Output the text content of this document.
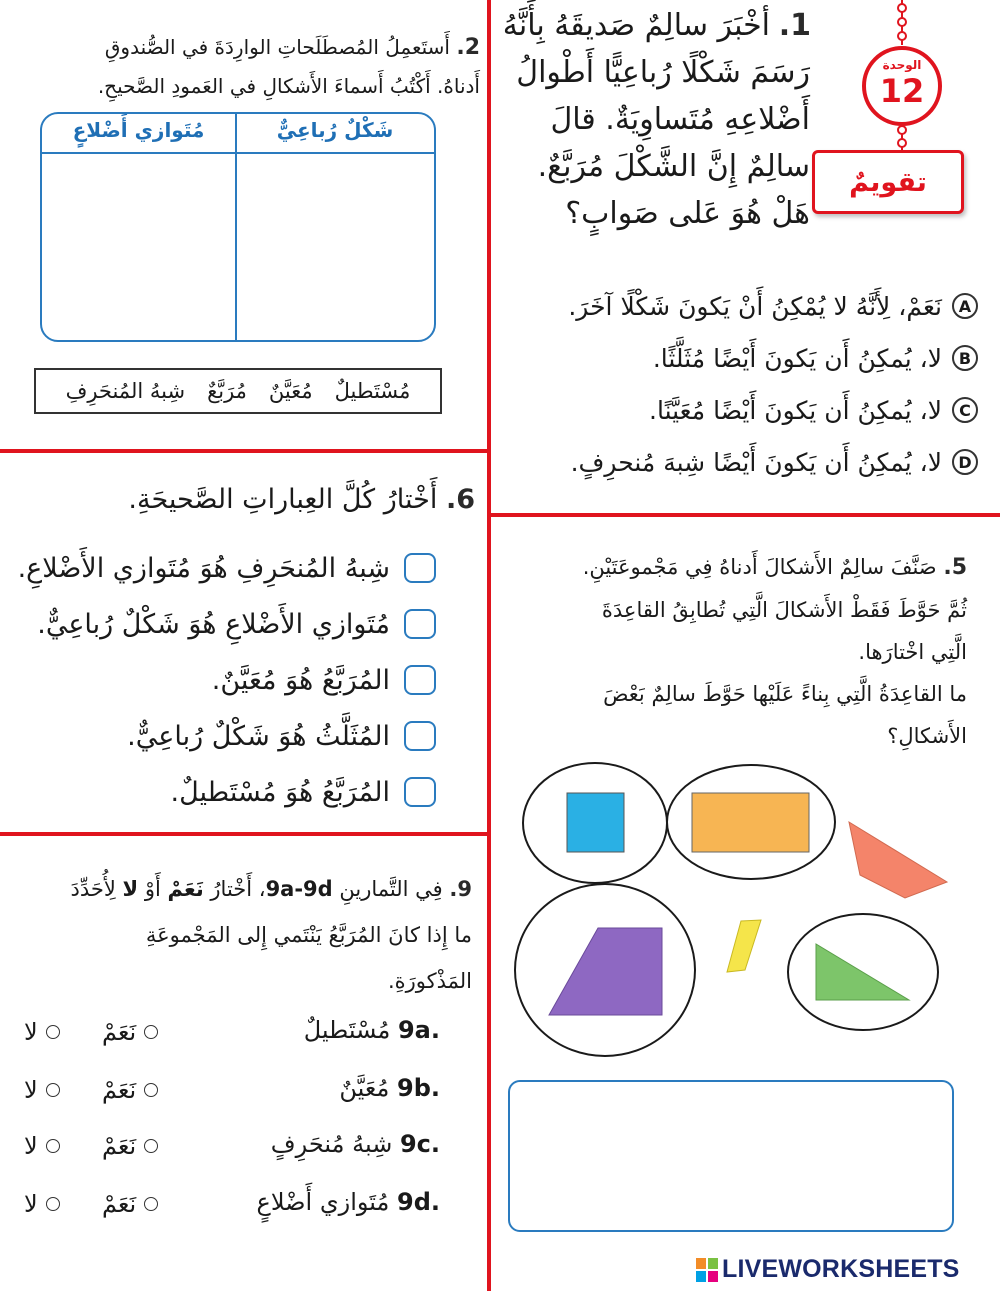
الوحدة
12
تقويمٌ
1.
أخْبَرَ سالِمٌ صَديقَهُ بِأَنَّهُ
رَسَمَ شَكْلًا رُباعِيًّا أَطْوالُ
أَضْلاعِهِ مُتَساوِيَةٌ. قالَ
سالِمٌ إِنَّ الشَّكْلَ مُرَبَّعٌ.
هَلْ هُوَ عَلى صَوابٍ؟
A
نَعَمْ، لِأَنَّهُ لا يُمْكِنُ أَنْ يَكونَ شَكْلًا آخَرَ.
B
لا، يُمكِنُ أَن يَكونَ أَيْضًا مُثَلَّثًا.
C
لا، يُمكِنُ أَن يَكونَ أَيْضًا مُعَيَّنًا.
D
لا، يُمكِنُ أَن يَكونَ أَيْضًا شِبهَ مُنحرِفٍ.
2. أَستَعمِلُ المُصطَلَحاتِ الوارِدَةَ في الصُّندوقِ
أَدناهُ. أَكْتُبُ أَسماءَ الأَشكالِ في العَمودِ الصَّحيحِ.
شَكْلٌ رُباعِيٌّ
مُتَوازي أَضْلاعٍ
مُسْتَطيلٌ
مُعَيَّنٌ
مُرَبَّعٌ
شِبهُ المُنحَرِفِ
6. أَخْتارُ كُلَّ العِباراتِ الصَّحيحَةِ.
شِبهُ المُنحَرِفِ هُوَ مُتَوازي الأَضْلاعِ.
مُتَوازي الأَضْلاعِ هُوَ شَكْلٌ رُباعِيٌّ.
المُرَبَّعُ هُوَ مُعَيَّنٌ.
المُثَلَّثُ هُوَ شَكْلٌ رُباعِيٌّ.
المُرَبَّعُ هُوَ مُسْتَطيلٌ.
9. فِي التَّمارينِ 9a-9d، أَخْتارُ نَعَمْ أَوْ لا لِأُحَدِّدَ
ما إِذا كانَ المُرَبَّعُ يَنْتَمي إِلى المَجْموعَةِ
المَذْكورَةِ.
9a. مُسْتَطيلٌ
نَعَمْ
لا
9b. مُعَيَّنٌ
نَعَمْ
لا
9c. شِبهُ مُنحَرِفٍ
نَعَمْ
لا
9d. مُتَوازي أَضْلاعٍ
نَعَمْ
لا
5. صَنَّفَ سالِمٌ الأَشكالَ أَدناهُ فِي مَجْموعَتَيْنِ.
ثُمَّ حَوَّطَ فَقَطْ الأَشكالَ الَّتِي تُطابِقُ القاعِدَةَ
الَّتِي اخْتارَها.
ما القاعِدَةُ الَّتِي بِناءً عَلَيْها حَوَّطَ سالِمٌ بَعْضَ
الأَشكالِ؟
LIVEWORKSHEETS
